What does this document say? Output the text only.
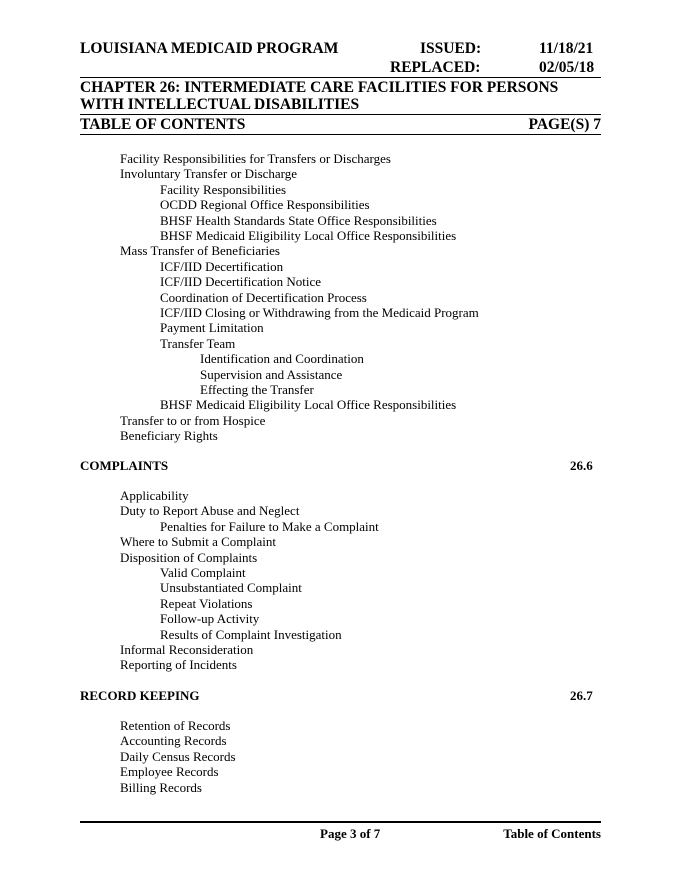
LOUISIANA MEDICAID PROGRAM	ISSUED:	11/18/21
REPLACED:	02/05/18
CHAPTER 26: INTERMEDIATE CARE FACILITIES FOR PERSONS
WITH INTELLECTUAL DISABILITIES
TABLE OF CONTENTS	PAGE(S) 7
Facility Responsibilities for Transfers or Discharges
Involuntary Transfer or Discharge
Facility Responsibilities
OCDD Regional Office Responsibilities
BHSF Health Standards State Office Responsibilities
BHSF Medicaid Eligibility Local Office Responsibilities
Mass Transfer of Beneficiaries
ICF/IID Decertification
ICF/IID Decertification Notice
Coordination of Decertification Process
ICF/IID Closing or Withdrawing from the Medicaid Program
Payment Limitation
Transfer Team
Identification and Coordination
Supervision and Assistance
Effecting the Transfer
BHSF Medicaid Eligibility Local Office Responsibilities
Transfer to or from Hospice
Beneficiary Rights
COMPLAINTS	26.6
Applicability
Duty to Report Abuse and Neglect
Penalties for Failure to Make a Complaint
Where to Submit a Complaint
Disposition of Complaints
Valid Complaint
Unsubstantiated Complaint
Repeat Violations
Follow-up Activity
Results of Complaint Investigation
Informal Reconsideration
Reporting of Incidents
RECORD KEEPING	26.7
Retention of Records
Accounting Records
Daily Census Records
Employee Records
Billing Records
Page 3 of 7	Table of Contents
